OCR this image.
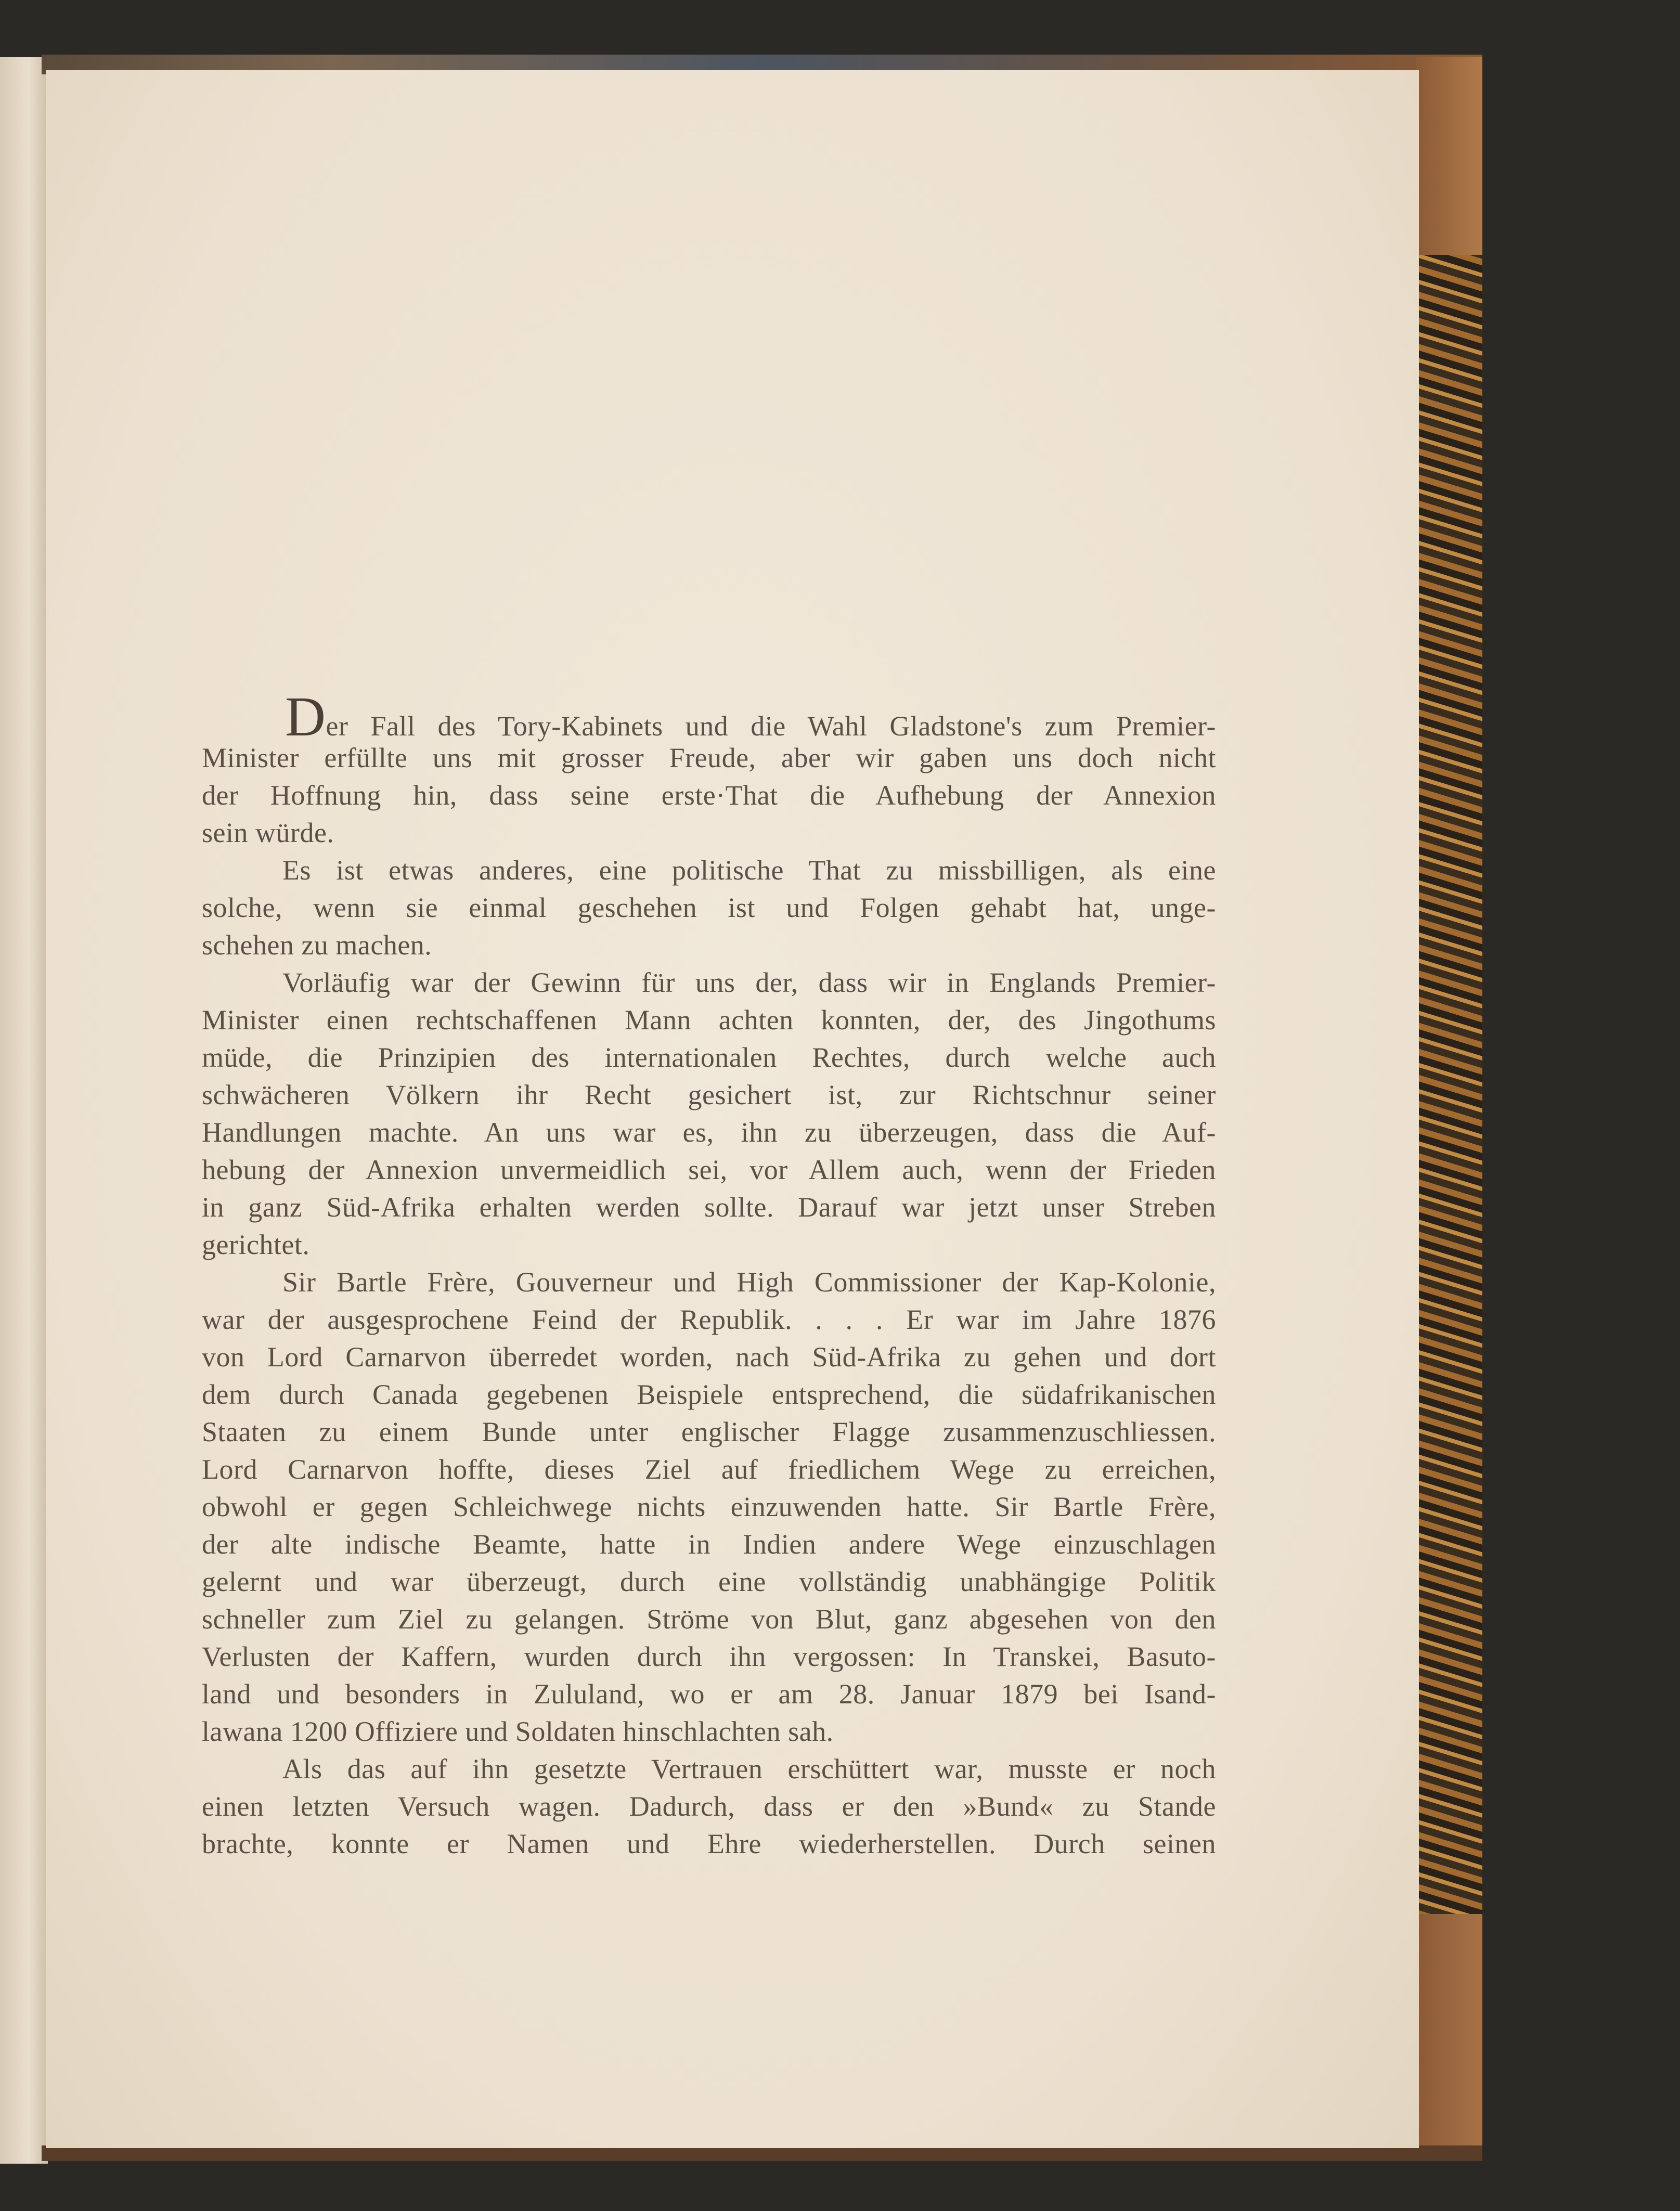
Der Fall des Tory-Kabinets und die Wahl Gladstone's zum Premier-
Minister erfüllte uns mit grosser Freude, aber wir gaben uns doch nicht
der Hoffnung hin, dass seine erste·That die Aufhebung der Annexion
sein würde.
Es ist etwas anderes, eine politische That zu missbilligen, als eine
solche, wenn sie einmal geschehen ist und Folgen gehabt hat, unge-
schehen zu machen.
Vorläufig war der Gewinn für uns der, dass wir in Englands Premier-
Minister einen rechtschaffenen Mann achten konnten, der, des Jingothums
müde, die Prinzipien des internationalen Rechtes, durch welche auch
schwächeren Völkern ihr Recht gesichert ist, zur Richtschnur seiner
Handlungen machte. An uns war es, ihn zu überzeugen, dass die Auf-
hebung der Annexion unvermeidlich sei, vor Allem auch, wenn der Frieden
in ganz Süd-Afrika erhalten werden sollte. Darauf war jetzt unser Streben
gerichtet.
Sir Bartle Frère, Gouverneur und High Commissioner der Kap-Kolonie,
war der ausgesprochene Feind der Republik. . . . Er war im Jahre 1876
von Lord Carnarvon überredet worden, nach Süd-Afrika zu gehen und dort
dem durch Canada gegebenen Beispiele entsprechend, die südafrikanischen
Staaten zu einem Bunde unter englischer Flagge zusammenzuschliessen.
Lord Carnarvon hoffte, dieses Ziel auf friedlichem Wege zu erreichen,
obwohl er gegen Schleichwege nichts einzuwenden hatte. Sir Bartle Frère,
der alte indische Beamte, hatte in Indien andere Wege einzuschlagen
gelernt und war überzeugt, durch eine vollständig unabhängige Politik
schneller zum Ziel zu gelangen. Ströme von Blut, ganz abgesehen von den
Verlusten der Kaffern, wurden durch ihn vergossen: In Transkei, Basuto-
land und besonders in Zululand, wo er am 28. Januar 1879 bei Isand-
lawana 1200 Offiziere und Soldaten hinschlachten sah.
Als das auf ihn gesetzte Vertrauen erschüttert war, musste er noch
einen letzten Versuch wagen. Dadurch, dass er den »Bund« zu Stande
brachte, konnte er Namen und Ehre wiederherstellen. Durch seinen
